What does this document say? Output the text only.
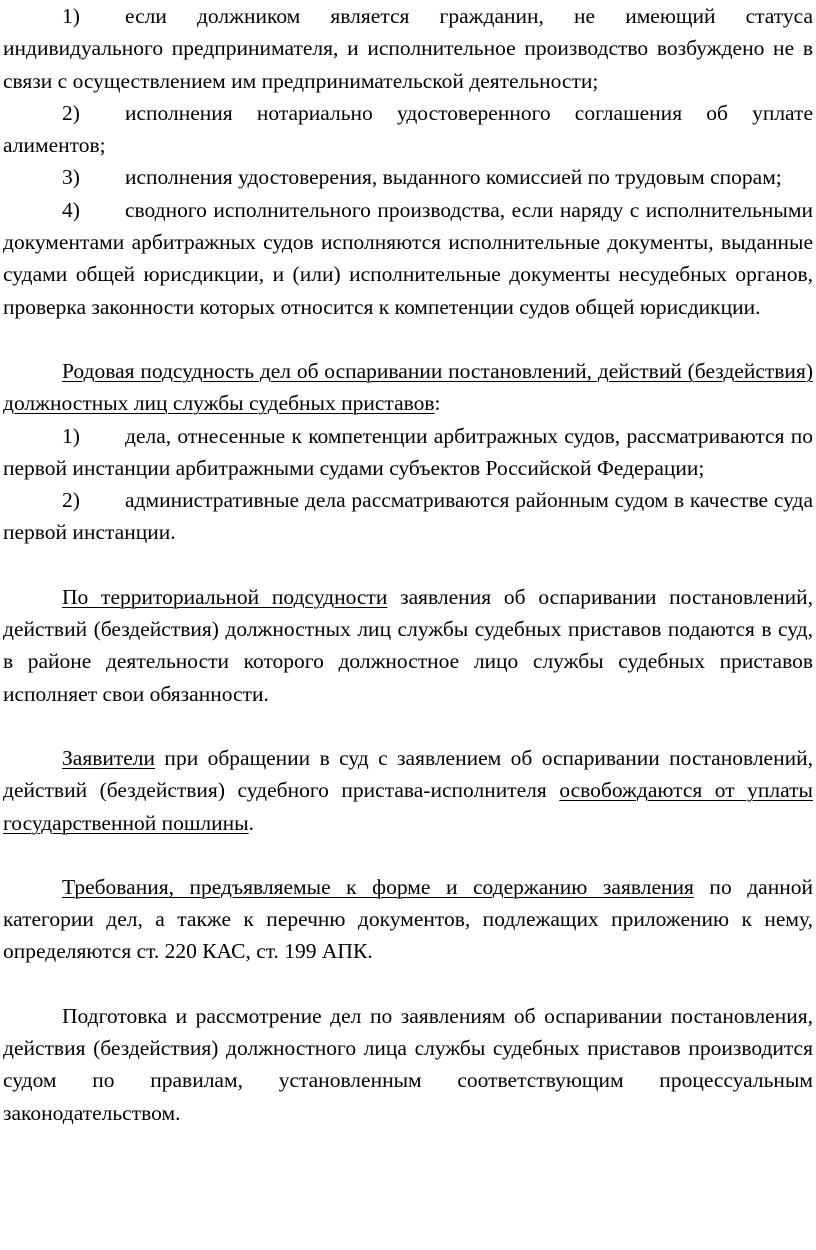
1) если должником является гражданин, не имеющий статуса индивидуального предпринимателя, и исполнительное производство возбуждено не в связи с осуществлением им предпринимательской деятельности;

2) исполнения нотариально удостоверенного соглашения об уплате алиментов;

3) исполнения удостоверения, выданного комиссией по трудовым спорам;

4) сводного исполнительного производства, если наряду с исполнительными документами арбитражных судов исполняются исполнительные документы, выданные судами общей юрисдикции, и (или) исполнительные документы несудебных органов, проверка законности которых относится к компетенции судов общей юрисдикции.

Родовая подсудность дел об оспаривании постановлений, действий (бездействия) должностных лиц службы судебных приставов:

1) дела, отнесенные к компетенции арбитражных судов, рассматриваются по первой инстанции арбитражными судами субъектов Российской Федерации;

2) административные дела рассматриваются районным судом в качестве суда первой инстанции.

По территориальной подсудности заявления об оспаривании постановлений, действий (бездействия) должностных лиц службы судебных приставов подаются в суд, в районе деятельности которого должностное лицо службы судебных приставов исполняет свои обязанности.

Заявители при обращении в суд с заявлением об оспаривании постановлений, действий (бездействия) судебного пристава-исполнителя освобождаются от уплаты государственной пошлины.

Требования, предъявляемые к форме и содержанию заявления по данной категории дел, а также к перечню документов, подлежащих приложению к нему, определяются ст. 220 КАС, ст. 199 АПК.

Подготовка и рассмотрение дел по заявлениям об оспаривании постановления, действия (бездействия) должностного лица службы судебных приставов производится судом по правилам, установленным соответствующим процессуальным законодательством.
